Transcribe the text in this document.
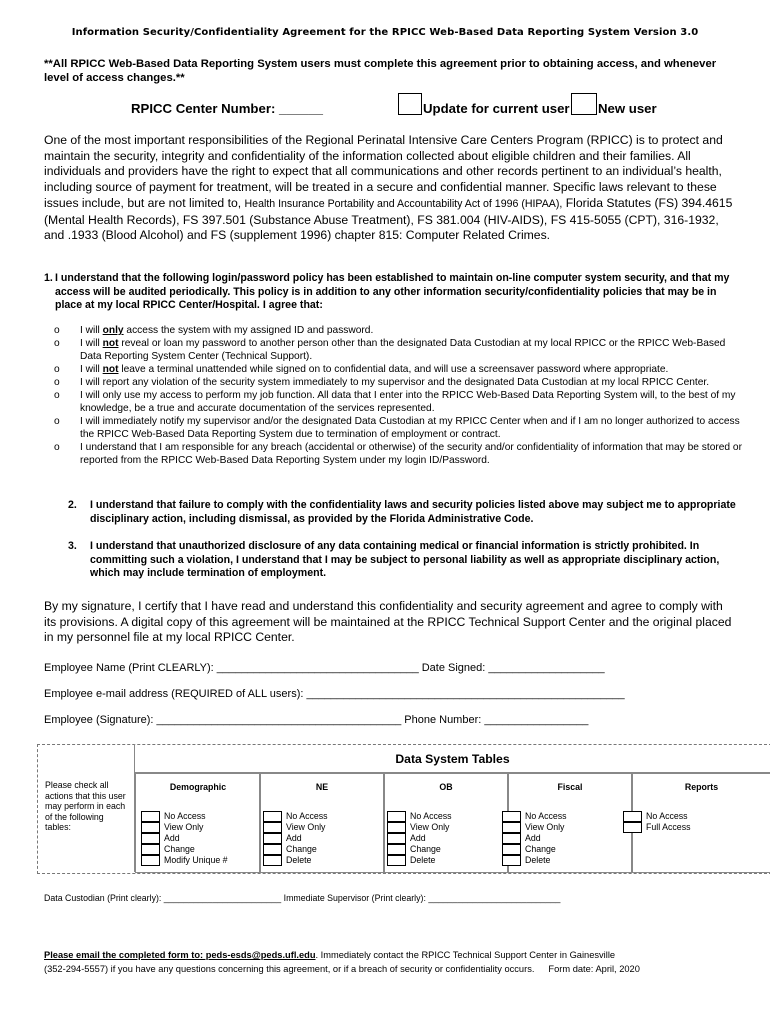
Information Security/Confidentiality Agreement for the RPICC Web-Based Data Reporting System Version 3.0
**All RPICC Web-Based Data Reporting System users must complete this agreement prior to obtaining access, and whenever level of access changes.**
RPICC Center Number: ______	Update for current user New user
One of the most important responsibilities of the Regional Perinatal Intensive Care Centers Program (RPICC) is to protect and maintain the security, integrity and confidentiality of the information collected about eligible children and their families. All individuals and providers have the right to expect that all communications and other records pertinent to an individual’s health, including source of payment for treatment, will be treated in a secure and confidential manner. Specific laws relevant to these issues include, but are not limited to, Health Insurance Portability and Accountability Act of 1996 (HIPAA), Florida Statutes (FS) 394.4615 (Mental Health Records), FS 397.501 (Substance Abuse Treatment), FS 381.004 (HIV-AIDS), FS 415-5055 (CPT), 316-1932, and .1933 (Blood Alcohol) and FS (supplement 1996) chapter 815: Computer Related Crimes.
1. I understand that the following login/password policy has been established to maintain on-line computer system security, and that my access will be audited periodically. This policy is in addition to any other information security/confidentiality policies that may be in place at my local RPICC Center/Hospital. I agree that:
o I will only access the system with my assigned ID and password.
o I will not reveal or loan my password to another person other than the designated Data Custodian at my local RPICC or the RPICC Web-Based Data Reporting System Center (Technical Support).
o I will not leave a terminal unattended while signed on to confidential data, and will use a screensaver password where appropriate.
o I will report any violation of the security system immediately to my supervisor and the designated Data Custodian at my local RPICC Center.
o I will only use my access to perform my job function. All data that I enter into the RPICC Web-Based Data Reporting System will, to the best of my knowledge, be a true and accurate documentation of the services represented.
o I will immediately notify my supervisor and/or the designated Data Custodian at my RPICC Center when and if I am no longer authorized to access the RPICC Web-Based Data Reporting System due to termination of employment or contract.
o I understand that I am responsible for any breach (accidental or otherwise) of the security and/or confidentiality of information that may be stored or reported from the RPICC Web-Based Data Reporting System under my login ID/Password.
2. I understand that failure to comply with the confidentiality laws and security policies listed above may subject me to appropriate disciplinary action, including dismissal, as provided by the Florida Administrative Code.
3. I understand that unauthorized disclosure of any data containing medical or financial information is strictly prohibited. In committing such a violation, I understand that I may be subject to personal liability as well as appropriate disciplinary action, which may include termination of employment.
By my signature, I certify that I have read and understand this confidentiality and security agreement and agree to comply with its provisions. A digital copy of this agreement will be maintained at the RPICC Technical Support Center and the original placed in my personnel file at my local RPICC Center.
Employee Name (Print CLEARLY): _________________________________ Date Signed: ___________________
Employee e-mail address (REQUIRED of ALL users): ____________________________________________________
Employee (Signature): ________________________________________ Phone Number: _________________
Data System Tables
Please check all actions that this user may perform in each of the following tables:
Demographic
No Access
View Only
Add
Change
Modify Unique #
NE
No Access
View Only
Add
Change
Delete
OB
No Access
View Only
Add
Change
Delete
Fiscal
No Access
View Only
Add
Change
Delete
Reports
No Access
Full Access
Data Custodian (Print clearly): ________________________ Immediate Supervisor (Print clearly): ___________________________
Please email the completed form to: peds-esds@peds.ufl.edu. Immediately contact the RPICC Technical Support Center in Gainesville
(352-294-5557) if you have any questions concerning this agreement, or if a breach of security or confidentiality occurs. Form date: April, 2020
